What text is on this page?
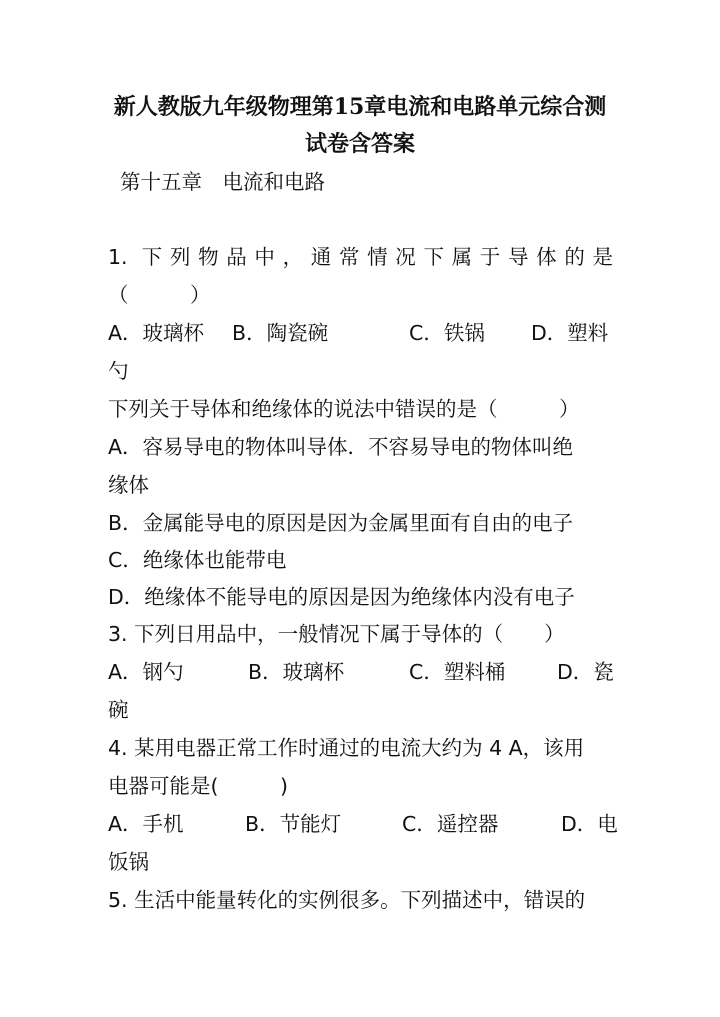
新人教版九年级物理第15章电流和电路单元综合测
试卷含答案
第十五章　电流和电路
1. 下列物品中，通常情况下属于导体的是
（　　　）
A．玻璃杯 B．陶瓷碗	C．铁锅 D．塑料
勺
下列关于导体和绝缘体的说法中错误的是（　　　）
A．容易导电的物体叫导体．不容易导电的物体叫绝
缘体
B．金属能导电的原因是因为金属里面有自由的电子
C．绝缘体也能带电
D．绝缘体不能导电的原因是因为绝缘体内没有电子
3. 下列日用品中，一般情况下属于导体的（　　）
A．钢勺	B．玻璃杯	C．塑料桶	D．瓷
碗
4. 某用电器正常工作时通过的电流大约为 4 A，该用
电器可能是(　　　)
A．手机	B．节能灯	C．遥控器	D．电
饭锅
5. 生活中能量转化的实例很多。下列描述中，错误的
